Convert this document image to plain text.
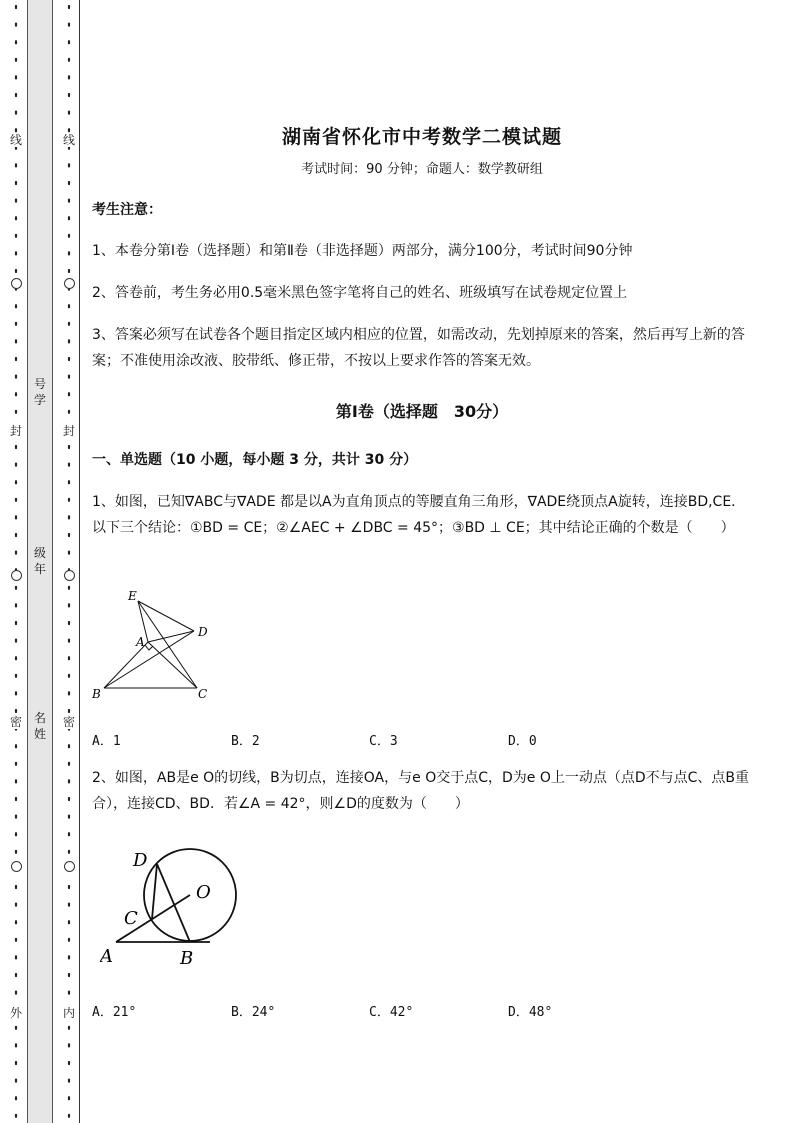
线
封
密
外
号
学
级
年
名
姓
线
封
密
内
湖南省怀化市中考数学二模试题
考试时间：90 分钟；命题人：数学教研组
考生注意：
1、本卷分第Ⅰ卷（选择题）和第Ⅱ卷（非选择题）两部分，满分100分，考试时间90分钟
2、答卷前，考生务必用0.5毫米黑色签字笔将自己的姓名、班级填写在试卷规定位置上
3、答案必须写在试卷各个题目指定区域内相应的位置，如需改动，先划掉原来的答案，然后再写上新的答案；不准使用涂改液、胶带纸、修正带，不按以上要求作答的答案无效。
第Ⅰ卷（选择题　30分）
一、单选题（10 小题，每小题 3 分，共计 30 分）
1、如图，已知∇ABC与∇ADE 都是以A为直角顶点的等腰直角三角形，∇ADE绕顶点A旋转，连接BD,CE．以下三个结论：①BD = CE；②∠AEC + ∠DBC = 45°；③BD ⊥ CE；其中结论正确的个数是（　　）
E
A
D
B	C
A．1	B．2	C．3	D．0
2、如图，AB是e O的切线，B为切点，连接OA，与e O交于点C，D为e O上一动点（点D不与点C、点B重合），连接CD、BD．若∠A = 42°，则∠D的度数为（　　）
D
O
C
A	B
A．21°	B．24°	C．42°	D．48°
